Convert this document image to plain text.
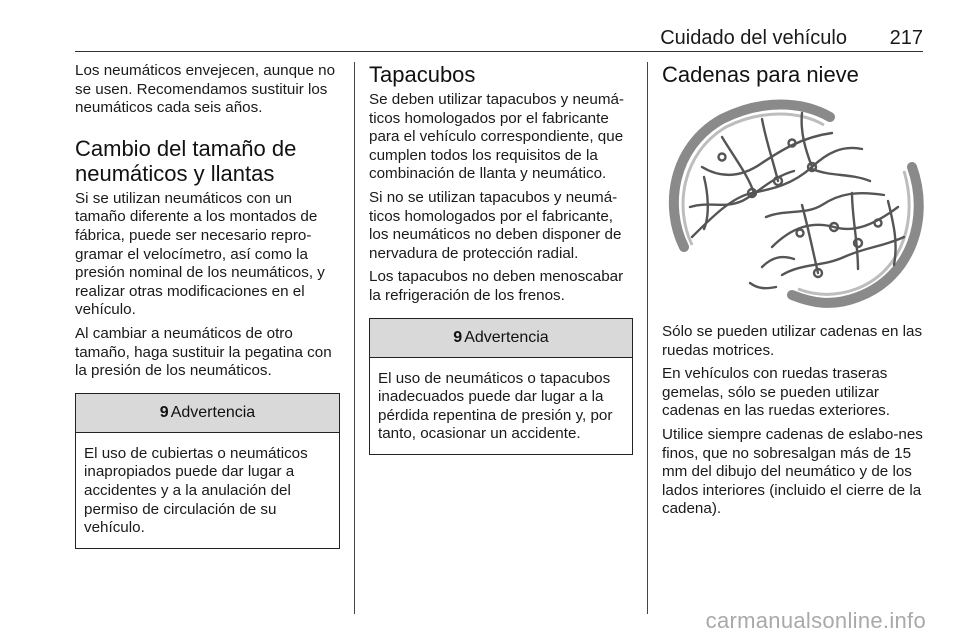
Cuidado del vehículo 217

Los neumáticos envejecen, aunque no se usen. Recomendamos sustituir los neumáticos cada seis años.

Cambio del tamaño de neumáticos y llantas

Si se utilizan neumáticos con un tamaño diferente a los montados de fábrica, puede ser necesario repro-gramar el velocímetro, así como la presión nominal de los neumáticos, y realizar otras modificaciones en el vehículo.

Al cambiar a neumáticos de otro tamaño, haga sustituir la pegatina con la presión de los neumáticos.

9 Advertencia

El uso de cubiertas o neumáticos inapropiados puede dar lugar a accidentes y a la anulación del permiso de circulación de su vehículo.

Tapacubos

Se deben utilizar tapacubos y neumá-ticos homologados por el fabricante para el vehículo correspondiente, que cumplen todos los requisitos de la combinación de llanta y neumático.

Si no se utilizan tapacubos y neumá-ticos homologados por el fabricante, los neumáticos no deben disponer de nervadura de protección radial.

Los tapacubos no deben menoscabar la refrigeración de los frenos.

9 Advertencia

El uso de neumáticos o tapacubos inadecuados puede dar lugar a la pérdida repentina de presión y, por tanto, ocasionar un accidente.

Cadenas para nieve

Sólo se pueden utilizar cadenas en las ruedas motrices.

En vehículos con ruedas traseras gemelas, sólo se pueden utilizar cadenas en las ruedas exteriores.

Utilice siempre cadenas de eslabo-nes finos, que no sobresalgan más de 15 mm del dibujo del neumático y de los lados interiores (incluido el cierre de la cadena).

carmanualsonline.info
